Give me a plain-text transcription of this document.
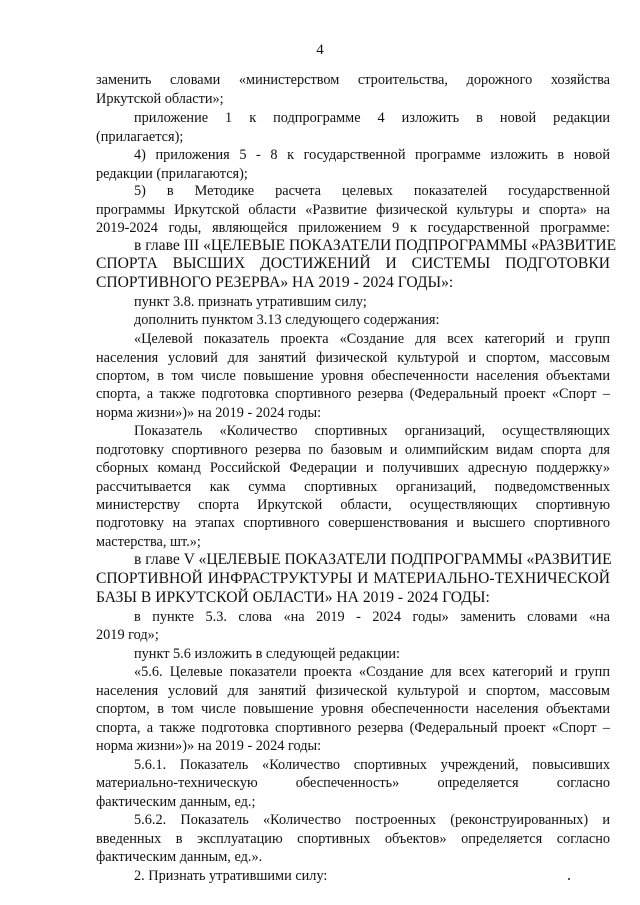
4
заменить словами «министерством строительства, дорожного хозяйства
Иркутской области»;
приложение 1 к подпрограмме 4 изложить в новой редакции
(прилагается);
4) приложения 5 - 8 к государственной программе изложить в новой
редакции (прилагаются);
5) в Методике расчета целевых показателей государственной
программы Иркутской области «Развитие физической культуры и спорта» на
2019-2024 годы, являющейся приложением 9 к государственной программе:
в главе III «ЦЕЛЕВЫЕ ПОКАЗАТЕЛИ ПОДПРОГРАММЫ «РАЗВИТИЕ
СПОРТА ВЫСШИХ ДОСТИЖЕНИЙ И СИСТЕМЫ ПОДГОТОВКИ
СПОРТИВНОГО РЕЗЕРВА» НА 2019 - 2024 ГОДЫ»:
пункт 3.8. признать утратившим силу;
дополнить пунктом 3.13 следующего содержания:
«Целевой показатель проекта «Создание для всех категорий и групп
населения условий для занятий физической культурой и спортом, массовым
спортом, в том числе повышение уровня обеспеченности населения объектами
спорта, а также подготовка спортивного резерва (Федеральный проект «Спорт –
норма жизни»)» на 2019 - 2024 годы:
Показатель «Количество спортивных организаций, осуществляющих
подготовку спортивного резерва по базовым и олимпийским видам спорта для
сборных команд Российской Федерации и получивших адресную поддержку»
рассчитывается как сумма спортивных организаций, подведомственных
министерству спорта Иркутской области, осуществляющих спортивную
подготовку на этапах спортивного совершенствования и высшего спортивного
мастерства, шт.»;
в главе V «ЦЕЛЕВЫЕ ПОКАЗАТЕЛИ ПОДПРОГРАММЫ «РАЗВИТИЕ
СПОРТИВНОЙ ИНФРАСТРУКТУРЫ И МАТЕРИАЛЬНО-ТЕХНИЧЕСКОЙ
БАЗЫ В ИРКУТСКОЙ ОБЛАСТИ» НА 2019 - 2024 ГОДЫ:
в пункте 5.3. слова «на 2019 - 2024 годы» заменить словами «на
2019 год»;
пункт 5.6 изложить в следующей редакции:
«5.6. Целевые показатели проекта «Создание для всех категорий и групп
населения условий для занятий физической культурой и спортом, массовым
спортом, в том числе повышение уровня обеспеченности населения объектами
спорта, а также подготовка спортивного резерва (Федеральный проект «Спорт –
норма жизни»)» на 2019 - 2024 годы:
5.6.1. Показатель «Количество спортивных учреждений, повысивших
материально-техническую обеспеченность» определяется согласно
фактическим данным, ед.;
5.6.2. Показатель «Количество построенных (реконструированных) и
введенных в эксплуатацию спортивных объектов» определяется согласно
фактическим данным, ед.».
2. Признать утратившими силу:
